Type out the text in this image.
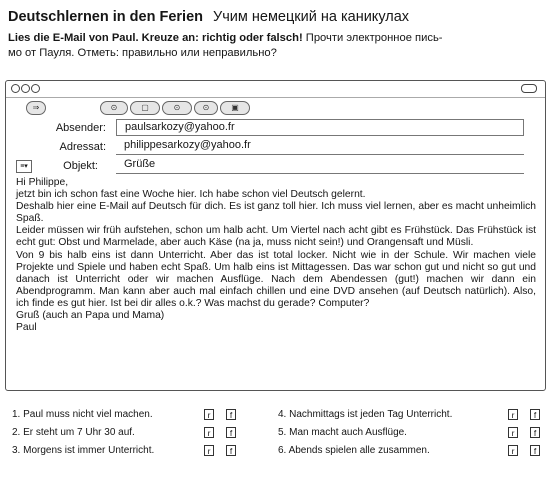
Deutschlernen in den Ferien Учим немецкий на каникулах
Lies die E-Mail von Paul. Kreuze an: richtig oder falsch! Прочти электронное пись-
мо от Пауля. Отметь: правильно или неправильно?
⇒	⊙	▢	⊙	⊙	▣
Absender:	paulsarkozy@yahoo.fr
Adressat:	philippesarkozy@yahoo.fr
≡▾	Objekt:	Grüße

Hi Philippe,

jetzt bin ich schon fast eine Woche hier. Ich habe schon viel Deutsch gelernt.

Deshalb hier eine E-Mail auf Deutsch für dich. Es ist ganz toll hier. Ich muss viel lernen, aber es macht unheimlich Spaß.

Leider müssen wir früh aufstehen, schon um halb acht. Um Viertel nach acht gibt es Frühstück. Das Frühstück ist echt gut: Obst und Marmelade, aber auch Käse (na ja, muss nicht sein!) und Orangensaft und Müsli.

Von 9 bis halb eins ist dann Unterricht. Aber das ist total locker. Nicht wie in der Schule. Wir machen viele Projekte und Spiele und haben echt Spaß. Um halb eins ist Mittagessen. Das war schon gut und nicht so gut und danach ist Unterricht oder wir machen Ausflüge. Nach dem Abendessen (gut!) machen wir dann ein Abendprogramm. Man kann aber auch mal einfach chillen und eine DVD ansehen (auf Deutsch natürlich). Also, ich finde es gut hier. Ist bei dir alles o.k.? Was machst du gerade? Computer?

Gruß (auch an Papa und Mama)

Paul

1. Paul muss nicht viel machen.	r	f
2. Er steht um 7 Uhr 30 auf.	r	f
3. Morgens ist immer Unterricht.	r	f
4. Nachmittags ist jeden Tag Unterricht.	r	f
5. Man macht auch Ausflüge.	r	f
6. Abends spielen alle zusammen.	r	f
